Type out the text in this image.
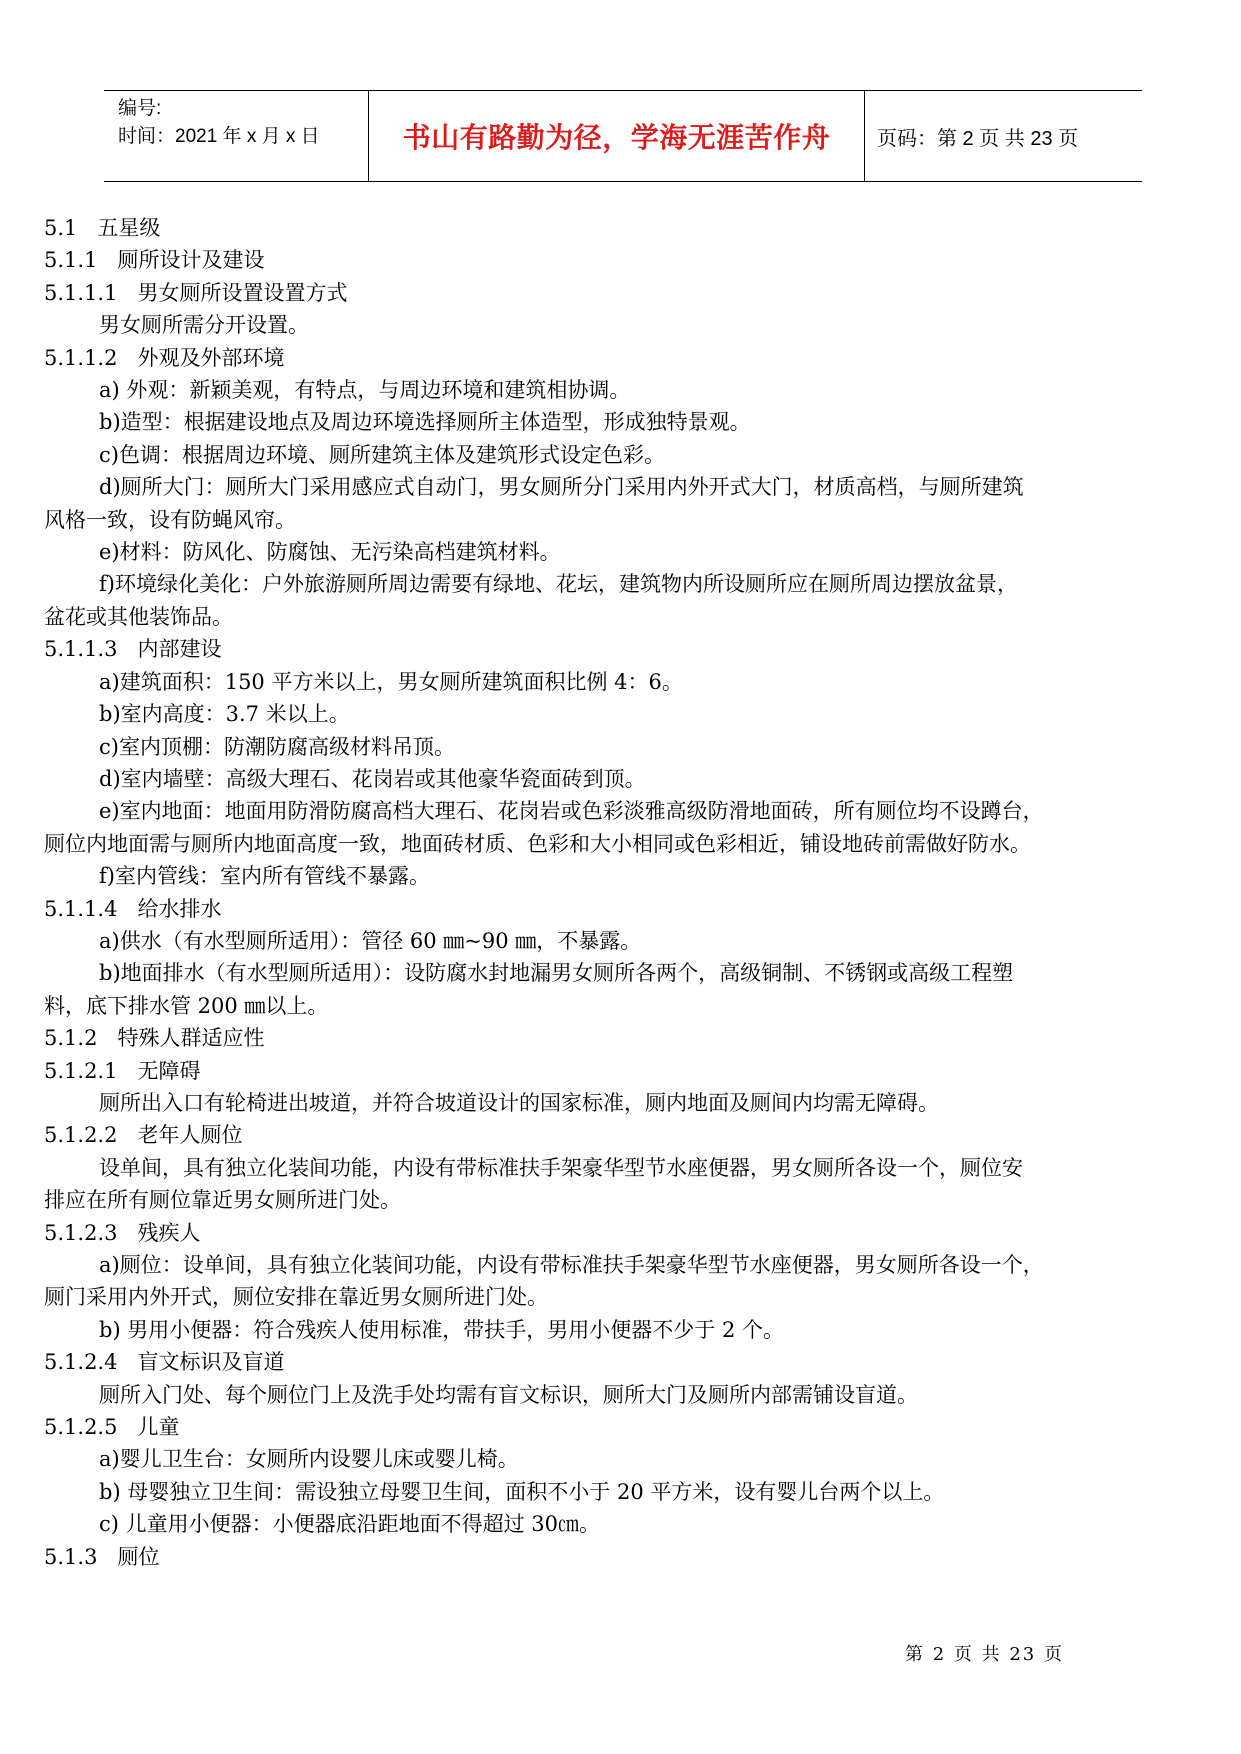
编号:
时间：2021 年 x 月 x 日	书山有路勤为径，学海无涯苦作舟	页码：第 2 页 共 23 页
5.1   五星级
5.1.1   厕所设计及建设
5.1.1.1   男女厕所设置设置方式
男女厕所需分开设置。
5.1.1.2   外观及外部环境
a) 外观：新颖美观，有特点，与周边环境和建筑相协调。
b)造型：根据建设地点及周边环境选择厕所主体造型，形成独特景观。
c)色调：根据周边环境、厕所建筑主体及建筑形式设定色彩。
d)厕所大门：厕所大门采用感应式自动门，男女厕所分门采用内外开式大门，材质高档，与厕所建筑
风格一致，设有防蝇风帘。
e)材料：防风化、防腐蚀、无污染高档建筑材料。
f)环境绿化美化：户外旅游厕所周边需要有绿地、花坛，建筑物内所设厕所应在厕所周边摆放盆景，
盆花或其他装饰品。
5.1.1.3   内部建设
a)建筑面积：150 平方米以上，男女厕所建筑面积比例 4：6。
b)室内高度：3.7 米以上。
c)室内顶棚：防潮防腐高级材料吊顶。
d)室内墙壁：高级大理石、花岗岩或其他豪华瓷面砖到顶。
e)室内地面：地面用防滑防腐高档大理石、花岗岩或色彩淡雅高级防滑地面砖，所有厕位均不设蹲台，
厕位内地面需与厕所内地面高度一致，地面砖材质、色彩和大小相同或色彩相近，铺设地砖前需做好防水。
f)室内管线：室内所有管线不暴露。
5.1.1.4   给水排水
a)供水（有水型厕所适用）：管径 60 ㎜~90 ㎜，不暴露。
b)地面排水（有水型厕所适用）：设防腐水封地漏男女厕所各两个，高级铜制、不锈钢或高级工程塑
料，底下排水管 200 ㎜以上。
5.1.2   特殊人群适应性
5.1.2.1   无障碍
厕所出入口有轮椅进出坡道，并符合坡道设计的国家标准，厕内地面及厕间内均需无障碍。
5.1.2.2   老年人厕位
设单间，具有独立化装间功能，内设有带标准扶手架豪华型节水座便器，男女厕所各设一个，厕位安
排应在所有厕位靠近男女厕所进门处。
5.1.2.3   残疾人
a)厕位：设单间，具有独立化装间功能，内设有带标准扶手架豪华型节水座便器，男女厕所各设一个，
厕门采用内外开式，厕位安排在靠近男女厕所进门处。
b) 男用小便器：符合残疾人使用标准，带扶手，男用小便器不少于 2 个。
5.1.2.4   盲文标识及盲道
厕所入门处、每个厕位门上及洗手处均需有盲文标识，厕所大门及厕所内部需铺设盲道。
5.1.2.5   儿童
a)婴儿卫生台：女厕所内设婴儿床或婴儿椅。
b) 母婴独立卫生间：需设独立母婴卫生间，面积不小于 20 平方米，设有婴儿台两个以上。
c) 儿童用小便器：小便器底沿距地面不得超过 30㎝。
5.1.3   厕位
第 2 页 共 23 页
